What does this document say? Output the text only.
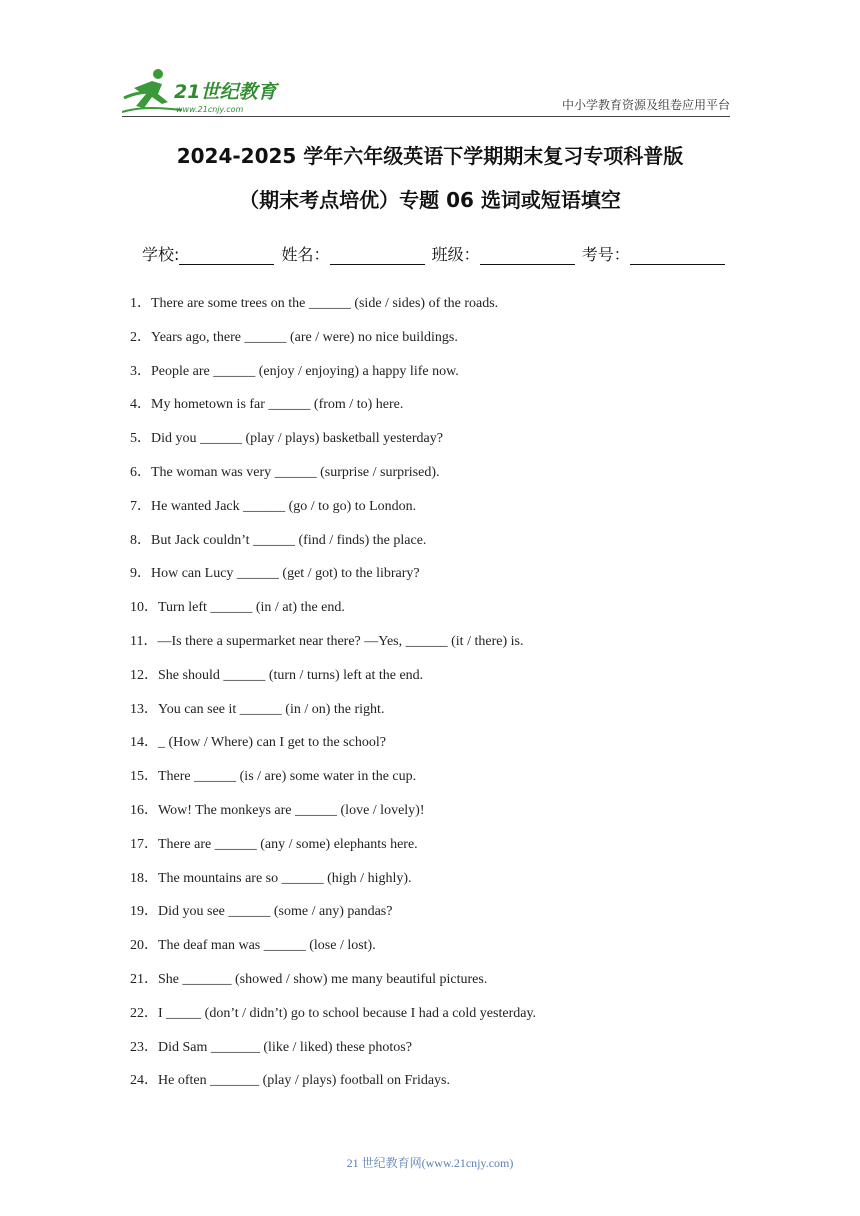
21世纪教育
www.21cnjy.com	中小学教育资源及组卷应用平台
2024-2025 学年六年级英语下学期期末复习专项科普版
（期末考点培优）专题 06 选词或短语填空
学校:	姓名：	班级：	考号：
1．There are some trees on the ______ (side / sides) of the roads.
2．Years ago, there ______ (are / were) no nice buildings.
3．People are ______ (enjoy / enjoying) a happy life now.
4．My hometown is far ______ (from / to) here.
5．Did you ______ (play / plays) basketball yesterday?
6．The woman was very ______ (surprise / surprised).
7．He wanted Jack ______ (go / to go) to London.
8．But Jack couldn’t ______ (find / finds) the place.
9．How can Lucy ______ (get / got) to the library?
10．Turn left ______ (in / at) the end.
11．—Is there a supermarket near there? —Yes, ______ (it / there) is.
12．She should ______ (turn / turns) left at the end.
13．You can see it ______ (in / on) the right.
14．_ (How / Where) can I get to the school?
15．There ______ (is / are) some water in the cup.
16．Wow! The monkeys are ______ (love / lovely)!
17．There are ______ (any / some) elephants here.
18．The mountains are so ______ (high / highly).
19．Did you see ______ (some / any) pandas?
20．The deaf man was ______ (lose / lost).
21．She _______ (showed / show) me many beautiful pictures.
22．I _____ (don’t / didn’t) go to school because I had a cold yesterday.
23．Did Sam _______ (like / liked) these photos?
24．He often _______ (play / plays) football on Fridays.
21 世纪教育网(www.21cnjy.com)
